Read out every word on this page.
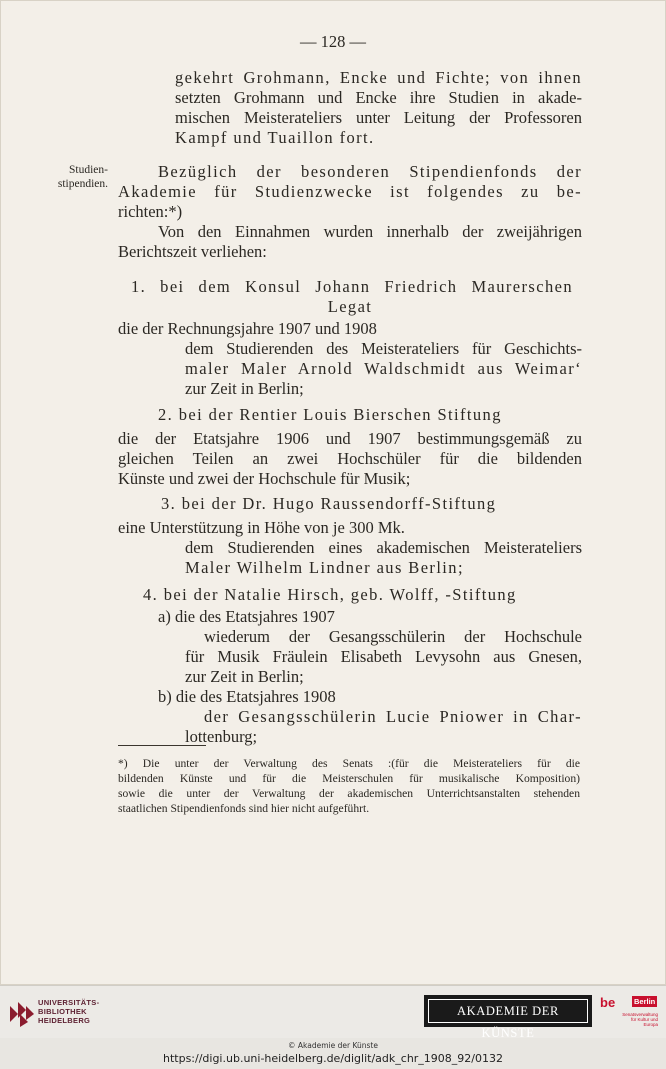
— 128 —
Studien-
stipendien.
gekehrt Grohmann, Encke und Fichte; von ihnen
setzten Grohmann und Encke ihre Studien in akade-
mischen Meisterateliers unter Leitung der Professoren
Kampf und Tuaillon fort.
Bezüglich der besonderen Stipendienfonds der
Akademie für Studienzwecke ist folgendes zu be-
richten:*)
Von den Einnahmen wurden innerhalb der zweijährigen
Berichtszeit verliehen:
1. bei dem Konsul Johann Friedrich Maurerschen
Legat
die der Rechnungsjahre 1907 und 1908
dem Studierenden des Meisterateliers für Geschichts-
maler Maler Arnold Waldschmidt aus Weimar‘
zur Zeit in Berlin;
2. bei der Rentier Louis Bierschen Stiftung
die der Etatsjahre 1906 und 1907 bestimmungsgemäß zu
gleichen Teilen an zwei Hochschüler für die bildenden
Künste und zwei der Hochschule für Musik;
3. bei der Dr. Hugo Raussendorff-Stiftung
eine Unterstützung in Höhe von je 300 Mk.
dem Studierenden eines akademischen Meisterateliers
Maler Wilhelm Lindner aus Berlin;
4. bei der Natalie Hirsch, geb. Wolff, -Stiftung
a) die des Etatsjahres 1907
wiederum der Gesangsschülerin der Hochschule
für Musik Fräulein Elisabeth Levysohn aus Gnesen,
zur Zeit in Berlin;
b) die des Etatsjahres 1908
der Gesangsschülerin Lucie Pniower in Char-
lottenburg;
*) Die unter der Verwaltung des Senats :(für die Meisterateliers für die
bildenden Künste und für die Meisterschulen für musikalische Komposition)
sowie die unter der Verwaltung der akademischen Unterrichtsanstalten stehenden
staatlichen Stipendienfonds sind hier nicht aufgeführt.
UNIVERSITÄTS-
BIBLIOTHEK
HEIDELBERG
AKADEMIE DER KÜNSTE
be	Berlin
Senatsverwaltung für Kultur und Europa
© Akademie der Künste
https://digi.ub.uni-heidelberg.de/diglit/adk_chr_1908_92/0132
